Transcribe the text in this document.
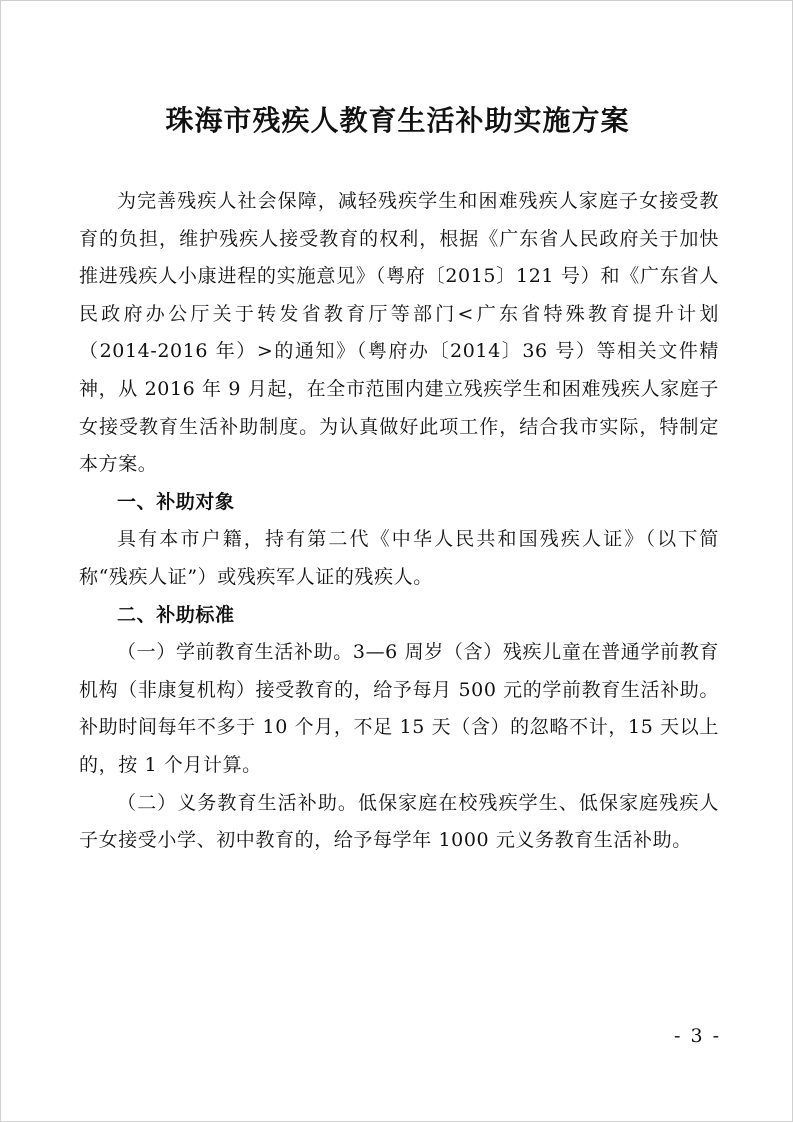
珠海市残疾人教育生活补助实施方案

为完善残疾人社会保障，减轻残疾学生和困难残疾人家庭子女接受教育的负担，维护残疾人接受教育的权利，根据《广东省人民政府关于加快推进残疾人小康进程的实施意见》（粤府〔2015〕121 号）和《广东省人民政府办公厅关于转发省教育厅等部门<广东省特殊教育提升计划（2014-2016 年）>的通知》（粤府办〔2014〕36 号）等相关文件精神，从 2016 年 9 月起，在全市范围内建立残疾学生和困难残疾人家庭子女接受教育生活补助制度。为认真做好此项工作，结合我市实际，特制定本方案。

一、补助对象

具有本市户籍，持有第二代《中华人民共和国残疾人证》（以下简称“残疾人证”）或残疾军人证的残疾人。

二、补助标准

（一）学前教育生活补助。3—6 周岁（含）残疾儿童在普通学前教育机构（非康复机构）接受教育的，给予每月 500 元的学前教育生活补助。补助时间每年不多于 10 个月，不足 15 天（含）的忽略不计，15 天以上的，按 1 个月计算。

（二）义务教育生活补助。低保家庭在校残疾学生、低保家庭残疾人子女接受小学、初中教育的，给予每学年 1000 元义务教育生活补助。

- 3 -
